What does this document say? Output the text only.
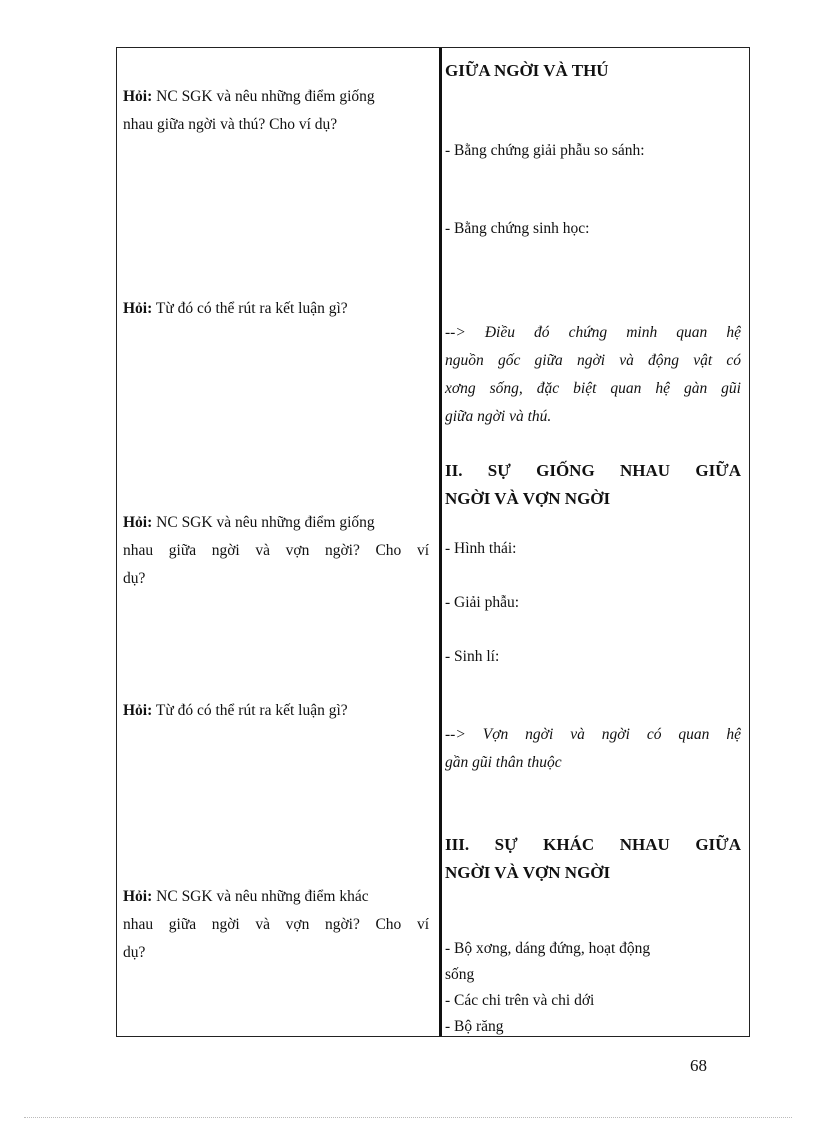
Hỏi: NC SGK và nêu những điểm giống
nhau giữa ngời và thú? Cho ví dụ?
Hỏi: Từ đó có thể rút ra kết luận gì?
Hỏi: NC SGK và nêu những điểm giống
nhau giữa ngời và vợn ngời? Cho ví
dụ?
Hỏi: Từ đó có thể rút ra kết luận gì?
Hỏi: NC SGK và nêu những điểm khác
nhau giữa ngời và vợn ngời? Cho ví
dụ?
GIỮA NGỜI VÀ THÚ
- Bằng chứng giải phẫu so sánh:
- Bằng chứng sinh học:
--> Điều đó chứng minh quan hệ
nguồn gốc giữa ngời và động vật có
xơng sống, đặc biệt quan hệ gàn gũi
giữa ngời và thú.
II. SỰ GIỐNG NHAU GIỮA
NGỜI VÀ VỢN NGỜI
- Hình thái:
- Giải phẫu:
- Sinh lí:
--> Vợn ngời và ngời có quan hệ
gần gũi thân thuộc
III. SỰ KHÁC NHAU GIỮA
NGỜI VÀ VỢN NGỜI
- Bộ xơng, dáng đứng, hoạt động
sống
- Các chi trên và chi dới
- Bộ răng
68
